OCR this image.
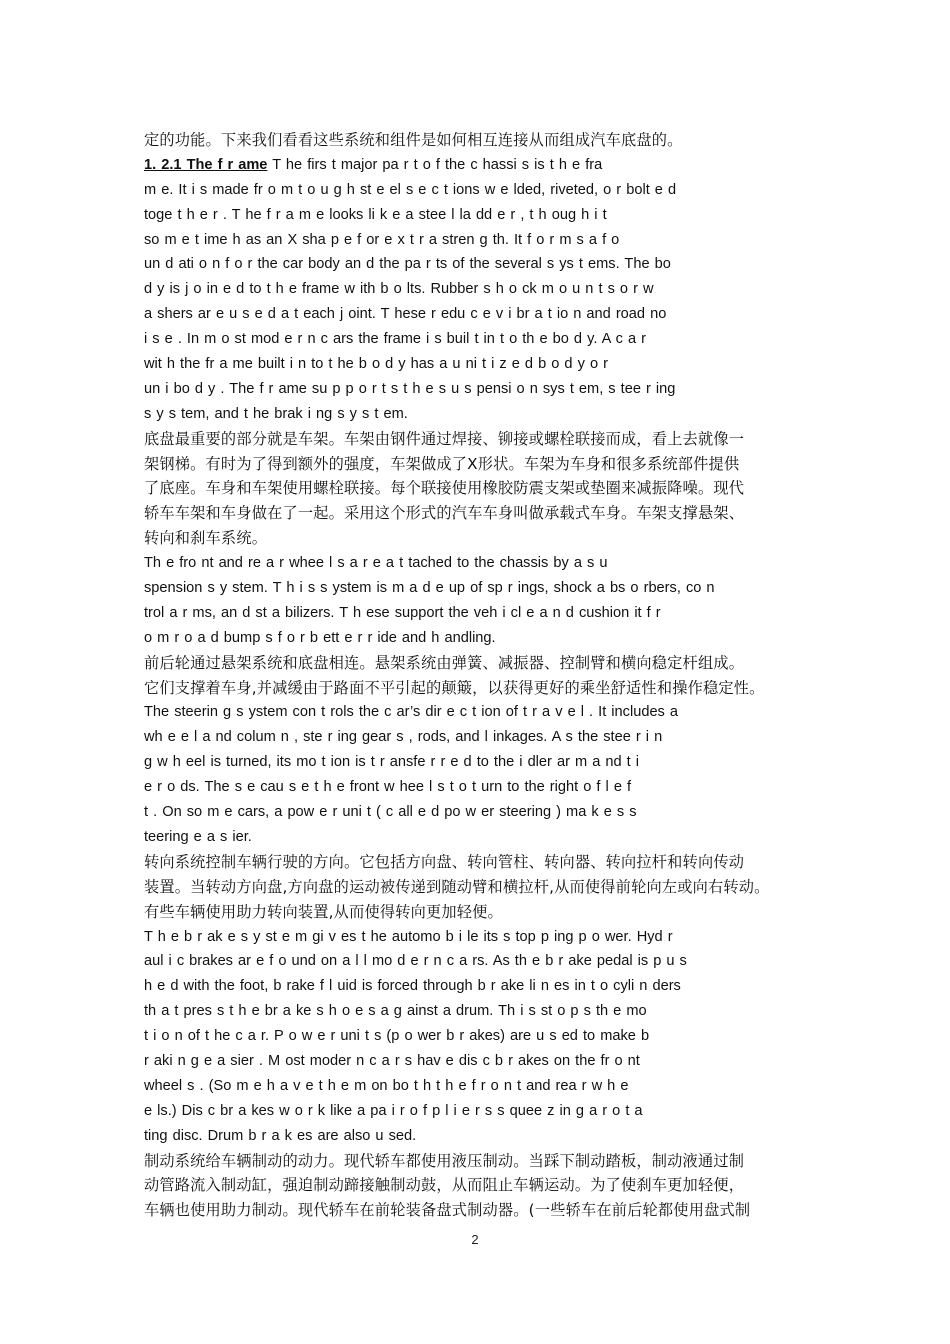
定的功能。下来我们看看这些系统和组件是如何相互连接从而组成汽车底盘的。
1. 2.1 The f r ame T he firs t major pa r t o f the c hassi s is t h e fra
m e. It i s made fr o m t o u g h st e el s e c t ions w e lded, riveted, o r bolt e d
toge t h e r . T he f r a m e looks li k e a stee l la dd e r , t h oug h i t
so m e t ime h as an X sha p e f or e x t r a stren g th. It f o r m s a f o
un d ati o n f o r the car body an d the pa r ts of the several s ys t ems. The bo
d y is j o in e d to t h e frame w ith b o lts. Rubber s h o ck m o u n t s o r w
a shers ar e u s e d a t each j oint. T hese r edu c e v i br a t io n and road no
i s e . In m o st mod e r n c ars the frame i s buil t in t o th e bo d y. A c a r
wit h the fr a me built i n to t he b o d y has a u ni t i z e d b o d y o r
un i bo d y . The f r ame su p p o r t s t h e s u s pensi o n sys t em, s tee r ing
s y s tem, and t he brak i ng s y s t em.
底盘最重要的部分就是车架。车架由钢件通过焊接、铆接或螺栓联接而成，看上去就像一
架钢梯。有时为了得到额外的强度，车架做成了X形状。车架为车身和很多系统部件提供
了底座。车身和车架使用螺栓联接。每个联接使用橡胶防震支架或垫圈来减振降噪。现代
轿车车架和车身做在了一起。采用这个形式的汽车车身叫做承载式车身。车架支撑悬架、
转向和刹车系统。
Th e fro nt and re a r whee l s a r e a t tached to the chassis by a s u
spension s y stem. T h i s s ystem is m a d e up of sp r ings, shock a bs o rbers, co n
trol a r ms, an d st a bilizers. T h ese support the veh i cl e a n d cushion it f r
o m r o a d bump s f o r b ett e r r ide and h andling.
前后轮通过悬架系统和底盘相连。悬架系统由弹簧、减振器、控制臂和横向稳定杆组成。
它们支撑着车身,并减缓由于路面不平引起的颠簸，以获得更好的乘坐舒适性和操作稳定性。
The steerin g s ystem con t rols the c ar’s dir e c t ion of t r a v e l . It includes a
wh e e l a nd colum n , ste r ing gear s , rods, and l inkages. A s the stee r i n
g w h eel is turned, its mo t ion is t r ansfe r r e d to the i dler ar m a nd t i
e r o ds. The s e cau s e t h e front w hee l s t o t urn to the right o f l e f
t . On so m e cars, a pow e r uni t ( c all e d po w er steering ) ma k e s s
teering e a s ier.
转向系统控制车辆行驶的方向。它包括方向盘、转向管柱、转向器、转向拉杆和转向传动
装置。当转动方向盘,方向盘的运动被传递到随动臂和横拉杆,从而使得前轮向左或向右转动。
有些车辆使用助力转向装置,从而使得转向更加轻便。
T h e b r ak e s y st e m gi v es t he automo b i le its s top p ing p o wer. Hyd r
aul i c brakes ar e f o und on a l l mo d e r n c a rs. As th e b r ake pedal is p u s
h e d with the foot, b rake f l uid is forced through b r ake li n es in t o cyli n ders
th a t pres s t h e br a ke s h o e s a g ainst a drum. Th i s st o p s th e mo
t i o n of t he c a r. P o w e r uni t s (p o wer b r akes) are u s ed to make b
r aki n g e a sier . M ost moder n c a r s hav e dis c b r akes on the fr o nt
wheel s . (So m e h a v e t h e m on bo t h t h e f r o n t and rea r w h e
e ls.) Dis c br a kes w o r k like a pa i r o f p l i e r s s quee z in g a r o t a
ting disc. Drum b r a k es are also u sed.
制动系统给车辆制动的动力。现代轿车都使用液压制动。当踩下制动踏板，制动液通过制
动管路流入制动缸，强迫制动蹄接触制动鼓，从而阻止车辆运动。为了使刹车更加轻便，
车辆也使用助力制动。现代轿车在前轮装备盘式制动器。(一些轿车在前后轮都使用盘式制
2
